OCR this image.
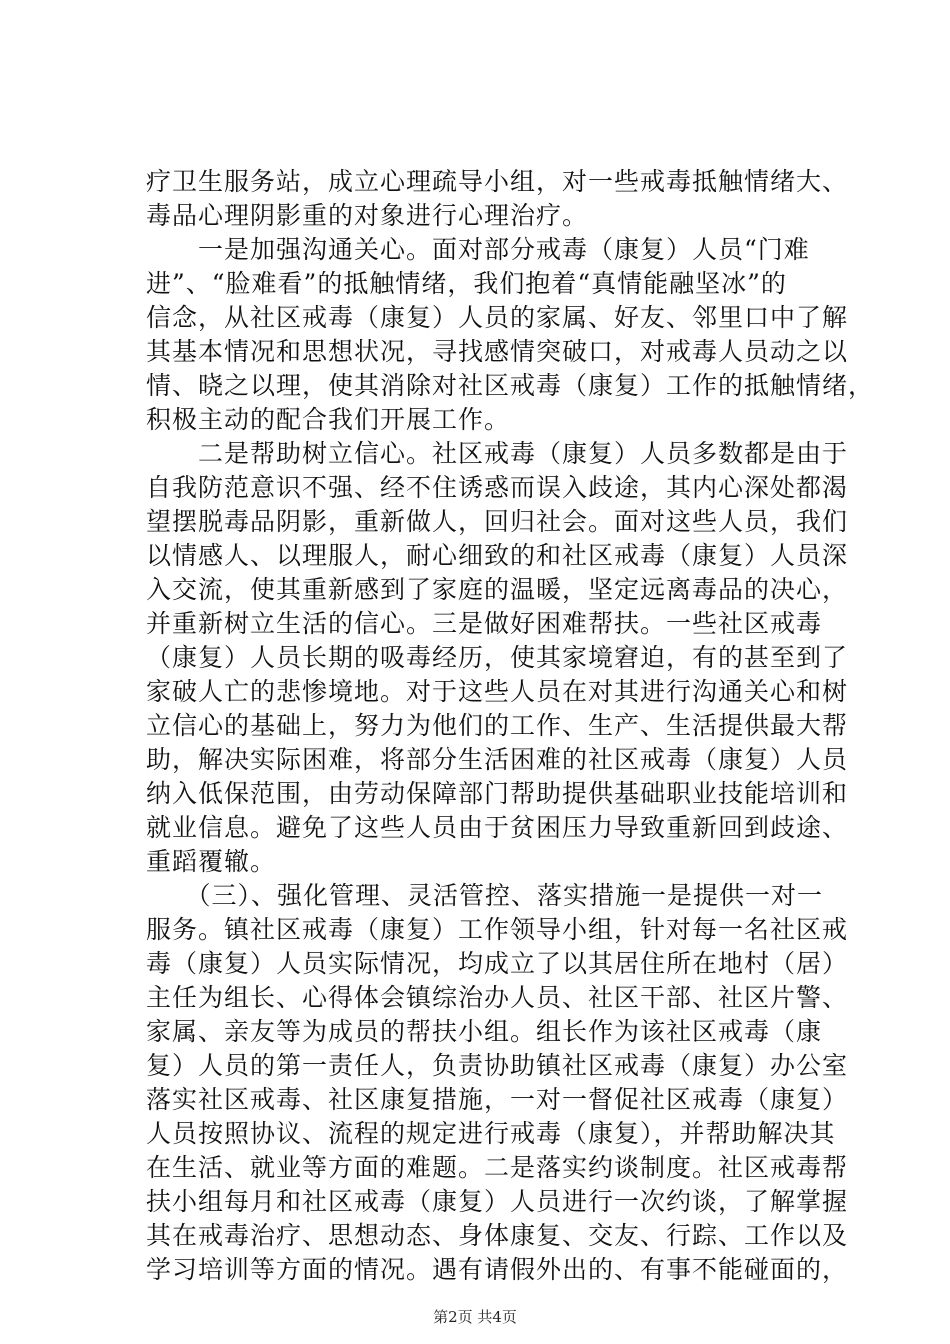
疗卫生服务站，成立心理疏导小组，对一些戒毒抵触情绪大、
毒品心理阴影重的对象进行心理治疗。
　　一是加强沟通关心。面对部分戒毒（康复）人员“门难
进”、“脸难看”的抵触情绪，我们抱着“真情能融坚冰”的
信念，从社区戒毒（康复）人员的家属、好友、邻里口中了解
其基本情况和思想状况，寻找感情突破口，对戒毒人员动之以
情、晓之以理，使其消除对社区戒毒（康复）工作的抵触情绪，
积极主动的配合我们开展工作。
　　二是帮助树立信心。社区戒毒（康复）人员多数都是由于
自我防范意识不强、经不住诱惑而误入歧途，其内心深处都渴
望摆脱毒品阴影，重新做人，回归社会。面对这些人员，我们
以情感人、以理服人，耐心细致的和社区戒毒（康复）人员深
入交流，使其重新感到了家庭的温暖，坚定远离毒品的决心，
并重新树立生活的信心。三是做好困难帮扶。一些社区戒毒
（康复）人员长期的吸毒经历，使其家境窘迫，有的甚至到了
家破人亡的悲惨境地。对于这些人员在对其进行沟通关心和树
立信心的基础上，努力为他们的工作、生产、生活提供最大帮
助，解决实际困难，将部分生活困难的社区戒毒（康复）人员
纳入低保范围，由劳动保障部门帮助提供基础职业技能培训和
就业信息。避免了这些人员由于贫困压力导致重新回到歧途、
重蹈覆辙。
　　（三）、强化管理、灵活管控、落实措施一是提供一对一
服务。镇社区戒毒（康复）工作领导小组，针对每一名社区戒
毒（康复）人员实际情况，均成立了以其居住所在地村（居）
主任为组长、心得体会镇综治办人员、社区干部、社区片警、
家属、亲友等为成员的帮扶小组。组长作为该社区戒毒（康
复）人员的第一责任人，负责协助镇社区戒毒（康复）办公室
落实社区戒毒、社区康复措施，一对一督促社区戒毒（康复）
人员按照协议、流程的规定进行戒毒（康复），并帮助解决其
在生活、就业等方面的难题。二是落实约谈制度。社区戒毒帮
扶小组每月和社区戒毒（康复）人员进行一次约谈，了解掌握
其在戒毒治疗、思想动态、身体康复、交友、行踪、工作以及
学习培训等方面的情况。遇有请假外出的、有事不能碰面的，
第2页 共4页
